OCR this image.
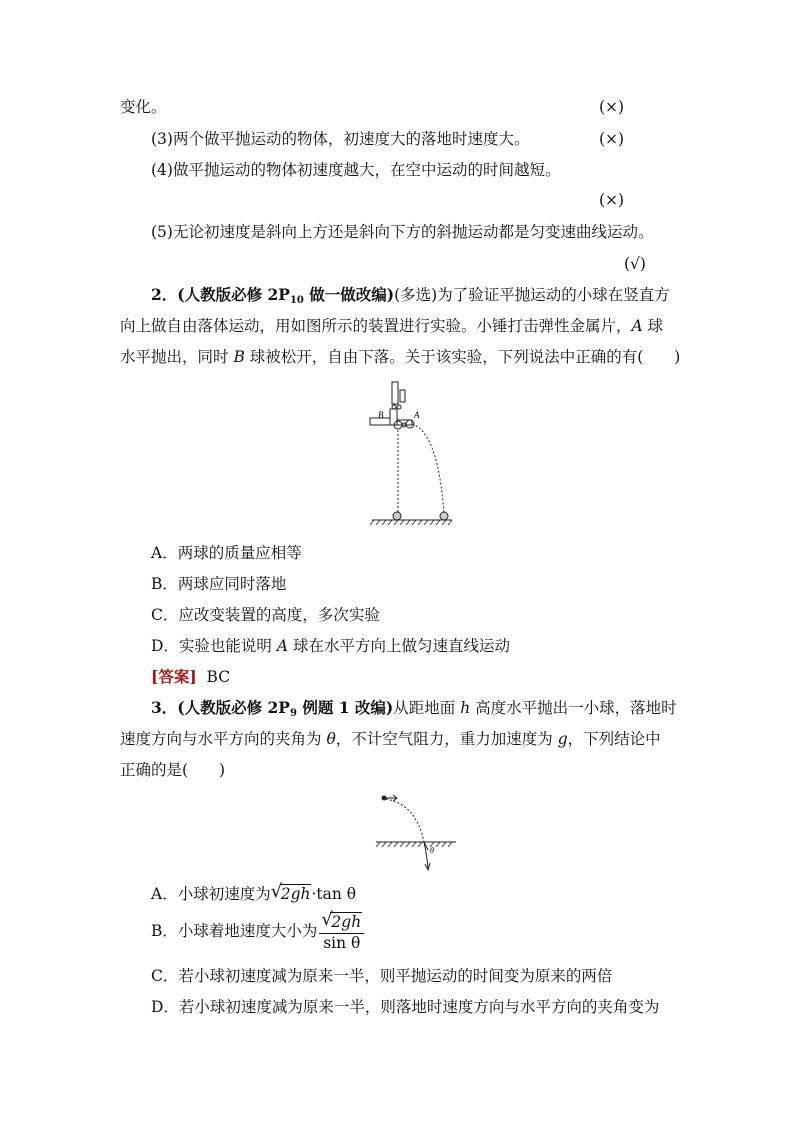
变化。	(×)
(3)两个做平抛运动的物体，初速度大的落地时速度大。	(×)
(4)做平抛运动的物体初速度越大，在空中运动的时间越短。
(×)
(5)无论初速度是斜向上方还是斜向下方的斜抛运动都是匀变速曲线运动。
(√)
2．(人教版必修 $2P_{10}$ 做一做改编)(多选)为了验证平抛运动的小球在竖直方
向上做自由落体运动，用如图所示的装置进行实验。小锤打击弹性金属片，A 球
水平抛出，同时 B 球被松开，自由下落。关于该实验，下列说法中正确的有(　　)
B	A
A．两球的质量应相等
B．两球应同时落地
C．应改变装置的高度，多次实验
D．实验也能说明 A 球在水平方向上做匀速直线运动
[答案] BC
3．(人教版必修 $2P_9$ 例题 1 改编)从距地面 h 高度水平抛出一小球，落地时
速度方向与水平方向的夹角为 θ，不计空气阻力，重力加速度为 g，下列结论中
正确的是(　　)
θ
A．小球初速度为 √
2gh·tan θ
B．小球着地速度大小为 √
2gh
sin θ
C．若小球初速度减为原来一半，则平抛运动的时间变为原来的两倍
D．若小球初速度减为原来一半，则落地时速度方向与水平方向的夹角变为
